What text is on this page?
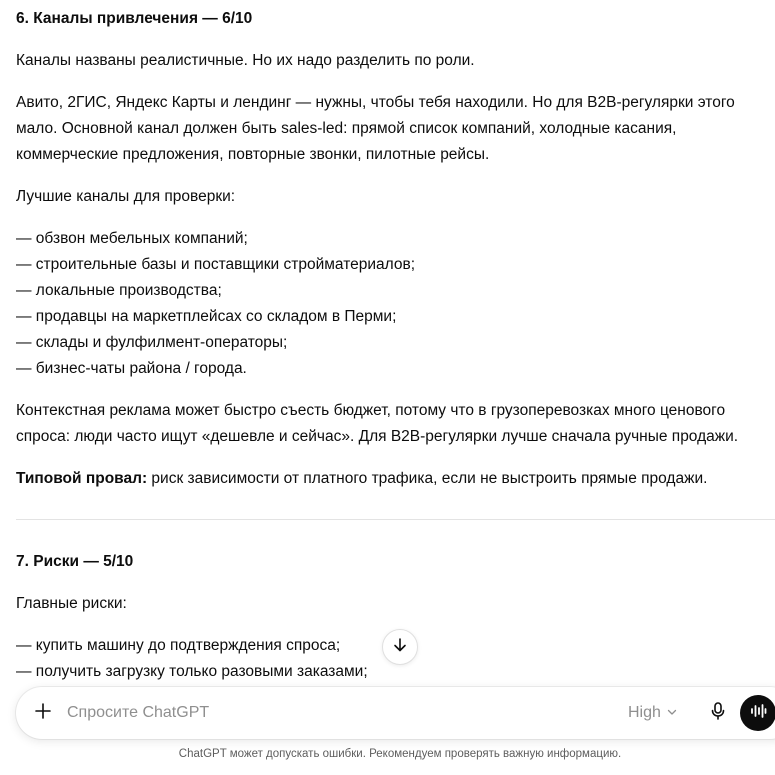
6. Каналы привлечения — 6/10
Каналы названы реалистичные. Но их надо разделить по роли.
Авито, 2ГИС, Яндекс Карты и лендинг — нужны, чтобы тебя находили. Но для B2B-регулярки этого
мало. Основной канал должен быть sales-led: прямой список компаний, холодные касания,
коммерческие предложения, повторные звонки, пилотные рейсы.
Лучшие каналы для проверки:
— обзвон мебельных компаний;
— строительные базы и поставщики стройматериалов;
— локальные производства;
— продавцы на маркетплейсах со складом в Перми;
— склады и фулфилмент-операторы;
— бизнес-чаты района / города.
Контекстная реклама может быстро съесть бюджет, потому что в грузоперевозках много ценового
спроса: люди часто ищут «дешевле и сейчас». Для B2B-регулярки лучше сначала ручные продажи.
Типовой провал: риск зависимости от платного трафика, если не выстроить прямые продажи.
7. Риски — 5/10
Главные риски:
— купить машину до подтверждения спроса;
— получить загрузку только разовыми заказами;
Спросите ChatGPT
High
ChatGPT может допускать ошибки. Рекомендуем проверять важную информацию.
